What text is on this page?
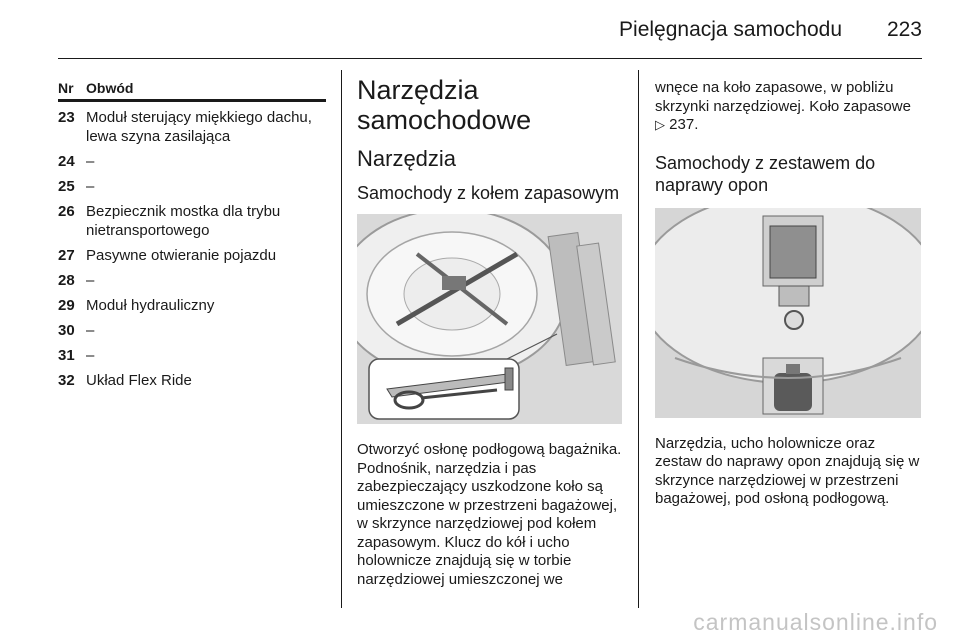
Pielęgnacja samochodu 223
Nr Obwód
23 Moduł sterujący miękkiego dachu, lewa szyna zasilająca
24 –
25 –
26 Bezpiecznik mostka dla trybu nietransportowego
27 Pasywne otwieranie pojazdu
28 –
29 Moduł hydrauliczny
30 –
31 –
32 Układ Flex Ride
Narzędzia samochodowe
Narzędzia
Samochody z kołem zapasowym

Otworzyć osłonę podłogową bagażnika. Podnośnik, narzędzia i pas zabezpieczający uszkodzone koło są umieszczone w przestrzeni bagażowej, w skrzynce narzędziowej pod kołem zapasowym. Klucz do kół i ucho holownicze znajdują się w torbie narzędziowej umieszczonej we

wnęce na koło zapasowe, w pobliżu skrzynki narzędziowej. Koło zapasowe ▷ 237.

Samochody z zestawem do naprawy opon

Narzędzia, ucho holownicze oraz zestaw do naprawy opon znajdują się w skrzynce narzędziowej w przestrzeni bagażowej, pod osłoną podłogową.

carmanualsonline.info
